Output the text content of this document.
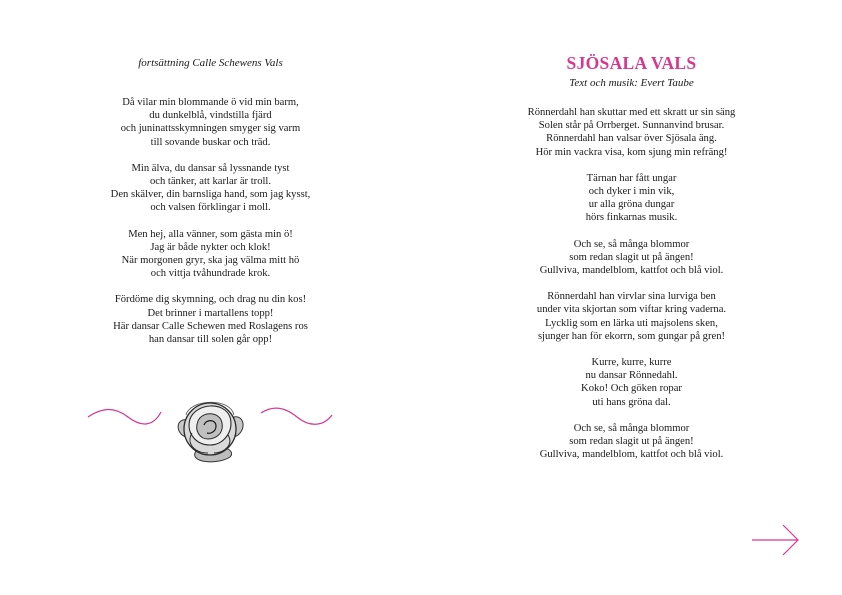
fortsättning Calle Schewens Vals
Då vilar min blommande ö vid min barm,
du dunkelblå, vindstilla fjärd
och juninattsskymningen smyger sig varm
till sovande buskar och träd.
Min älva, du dansar så lyssnande tyst
och tänker, att karlar är troll.
Den skälver, din barnsliga hand, som jag kysst,
och valsen förklingar i moll.
Men hej, alla vänner, som gästa min ö!
Jag är både nykter och klok!
När morgonen gryr, ska jag välma mitt hö
och vittja tvåhundrade krok.
Fördöme dig skymning, och drag nu din kos!
Det brinner i martallens topp!
Här dansar Calle Schewen med Roslagens ros
han dansar till solen går opp!
SJÖSALA VALS
Text och musik: Evert Taube
Rönnerdahl han skuttar med ett skratt ur sin säng
Solen står på Orrberget. Sunnanvind brusar.
Rönnerdahl han valsar över Sjösala äng.
Hör min vackra visa, kom sjung min refräng!
Tärnan har fått ungar
och dyker i min vik,
ur alla gröna dungar
hörs finkarnas musik.
Och se, så många blommor
som redan slagit ut på ängen!
Gullviva, mandelblom, kattfot och blå viol.
Rönnerdahl han virvlar sina lurviga ben
under vita skjortan som viftar kring vaderna.
Lycklig som en lärka uti majsolens sken,
sjunger han för ekorrn, som gungar på gren!
Kurre, kurre, kurre
nu dansar Rönnedahl.
Koko! Och göken ropar
uti hans gröna dal.
Och se, så många blommor
som redan slagit ut på ängen!
Gullviva, mandelblom, kattfot och blå viol.
